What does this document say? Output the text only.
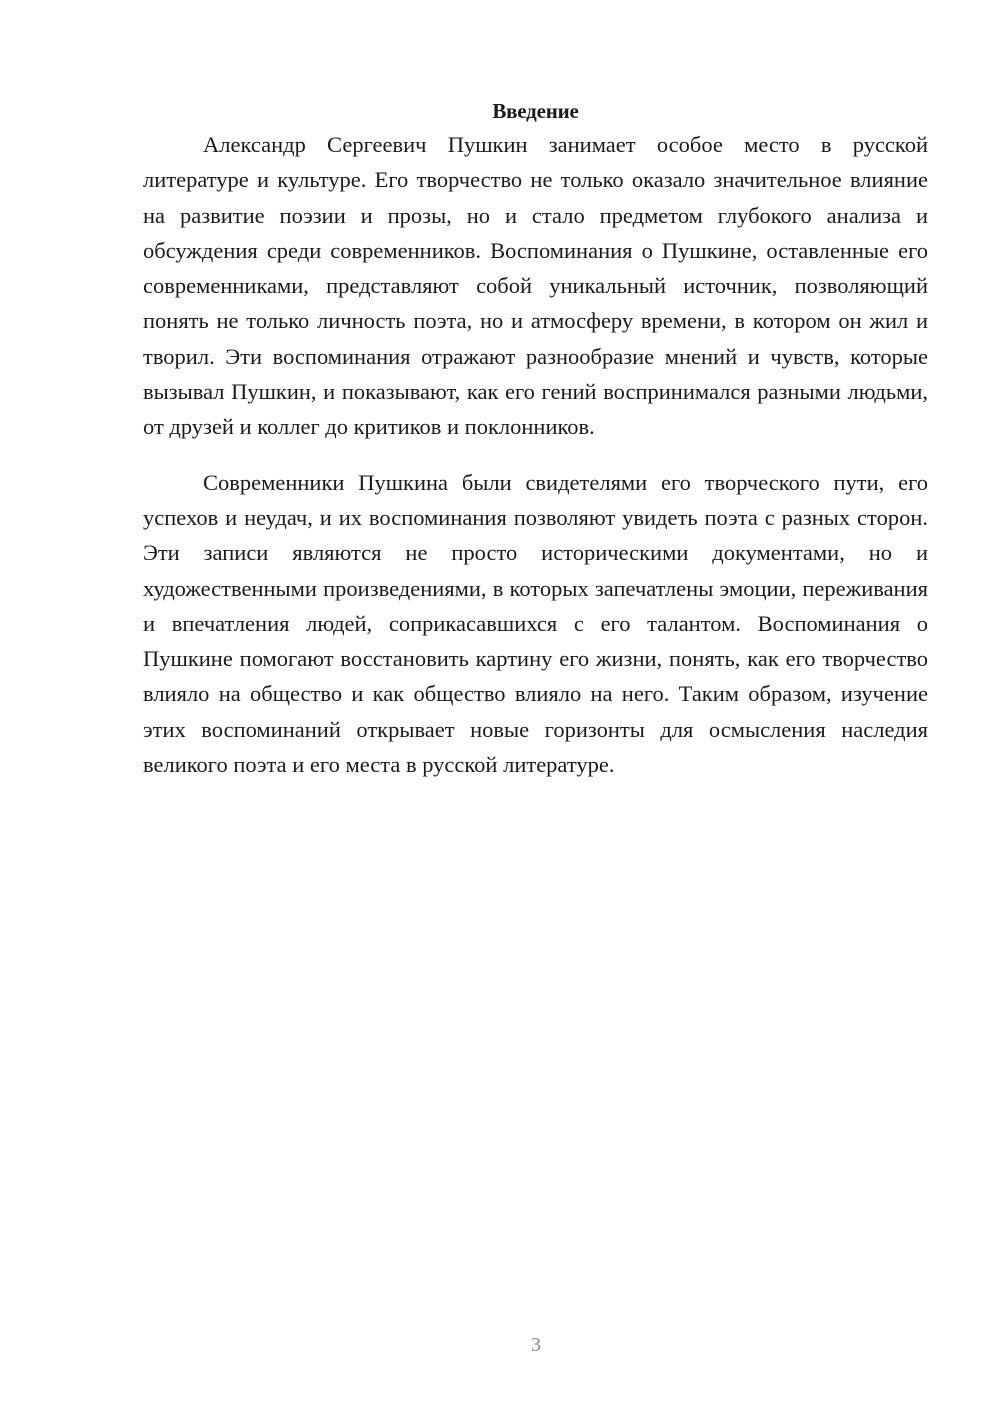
Введение

Александр Сергеевич Пушкин занимает особое место в русской литературе и культуре. Его творчество не только оказало значительное влияние на развитие поэзии и прозы, но и стало предметом глубокого анализа и обсуждения среди современников. Воспоминания о Пушкине, оставленные его современниками, представляют собой уникальный источник, позволяющий понять не только личность поэта, но и атмосферу времени, в котором он жил и творил. Эти воспоминания отражают разнообразие мнений и чувств, которые вызывал Пушкин, и показывают, как его гений воспринимался разными людьми, от друзей и коллег до критиков и поклонников.

Современники Пушкина были свидетелями его творческого пути, его успехов и неудач, и их воспоминания позволяют увидеть поэта с разных сторон. Эти записи являются не просто историческими документами, но и художественными произведениями, в которых запечатлены эмоции, переживания и впечатления людей, соприкасавшихся с его талантом. Воспоминания о Пушкине помогают восстановить картину его жизни, понять, как его творчество влияло на общество и как общество влияло на него. Таким образом, изучение этих воспоминаний открывает новые горизонты для осмысления наследия великого поэта и его места в русской литературе.

3
